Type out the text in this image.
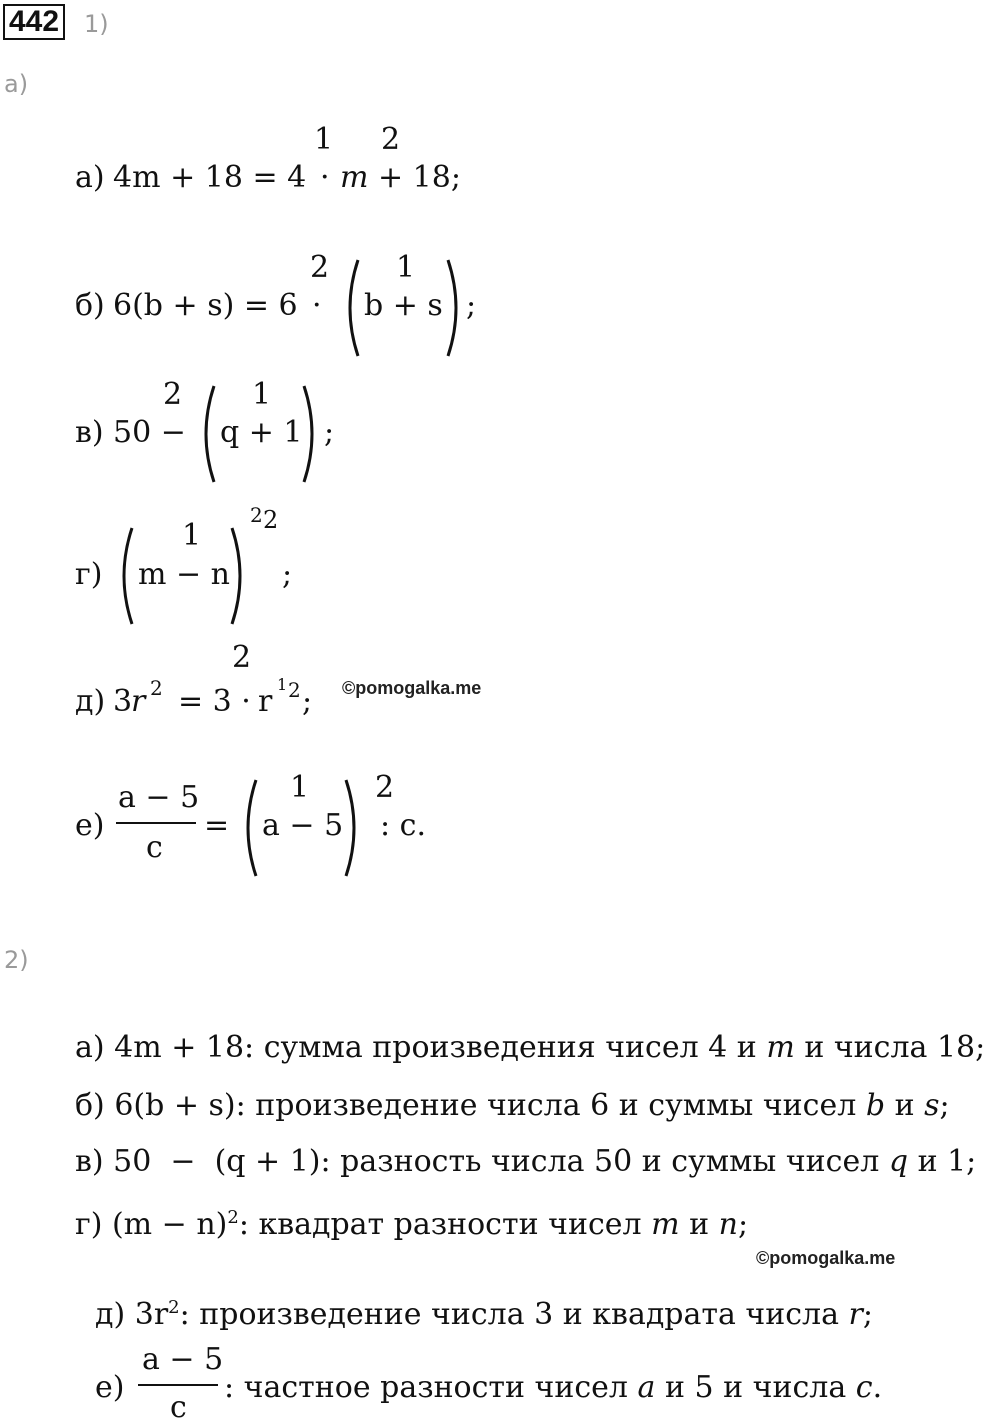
442 1)
а)
а) 4m + 18 = 4 · m + 18;
1 2
б) 6(b + s) = 6 · b + s ;
2 1
в) 50 − q + 1 ;
2 1
г) m − n ;
1
2 2
д) 3
r 2 = 3 · r 1 2 ;
2
©pomogalka.me
е)
a − 5
c
= a − 5 : c.
1 2
2)
а) 4m + 18: сумма произведения чисел 4 и m и числа 18;
б) 6(b + s): произведение числа 6 и суммы чисел b и s;
в) 50  −  (q + 1): разность числа 50 и суммы чисел q и 1;
г) $(m - n)^2$: квадрат разности чисел m и n;
©pomogalka.me
д) $3r^2$: произведение числа 3 и квадрата числа r;
е)
a − 5
c
: частное разности чисел a и 5 и числа c.
